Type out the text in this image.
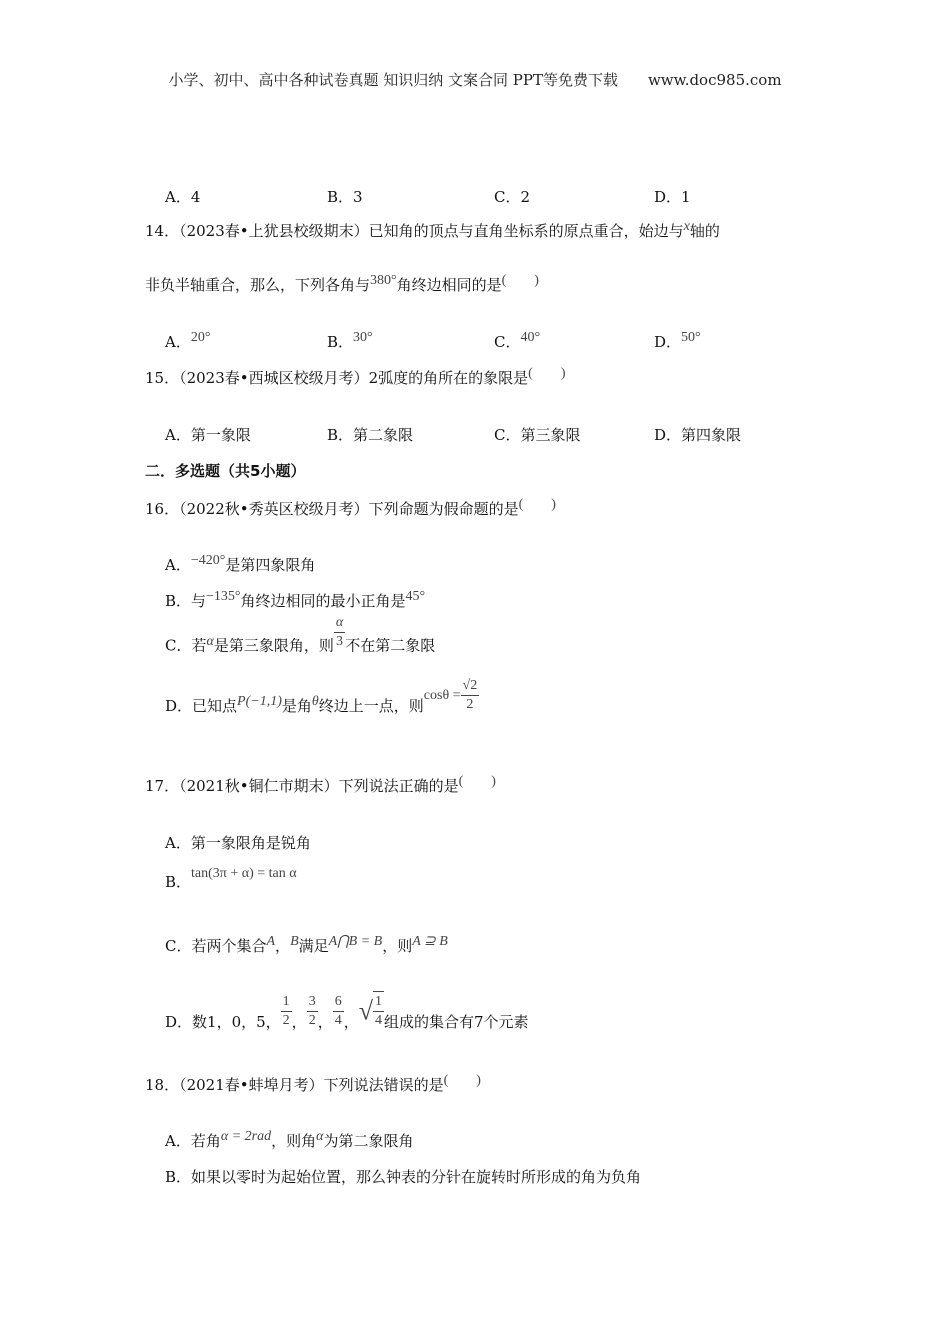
小学、初中、高中各种试卷真题 知识归纳 文案合同 PPT等免费下载 www.doc985.com
A．4	B．3	C．2	D．1
14．（2023春•上犹县校级期末）已知角的顶点与直角坐标系的原点重合，始边与x轴的
非负半轴重合，那么，下列各角与380°角终边相同的是(　　)
A．20°	B．30°	C．40°	D．50°
15．（2023春•西城区校级月考）2弧度的角所在的象限是(　　)
A．第一象限	B．第二象限	C．第三象限	D．第四象限
二．多选题（共5小题）
16．（2022秋•秀英区校级月考）下列命题为假命题的是(　　)
A．−420°是第四象限角
B．与−135°角终边相同的最小正角是45°
C．若α是第三象限角，则 $\frac{\alpha}{3}$ 不在第二象限
D．已知点P(−1,1)是角θ终边上一点，则$\cos\theta = \frac{√2}{2}$
17．（2021秋•铜仁市期末）下列说法正确的是(　　)
A．第一象限角是锐角
B．tan(3π + α) = tan α
C．若两个集合A，B满足A⋂B = B，则A ⊇ B
D．数1，0，5， $\frac{1}{2}$ ， $\frac{3}{2}$ ， $\frac{6}{4}$ ，√ $\frac{1}{4}$ 组成的集合有7个元素
18．（2021春•蚌埠月考）下列说法错误的是(　　)
A．若角α = 2rad，则角α为第二象限角
B．如果以零时为起始位置，那么钟表的分针在旋转时所形成的角为负角
